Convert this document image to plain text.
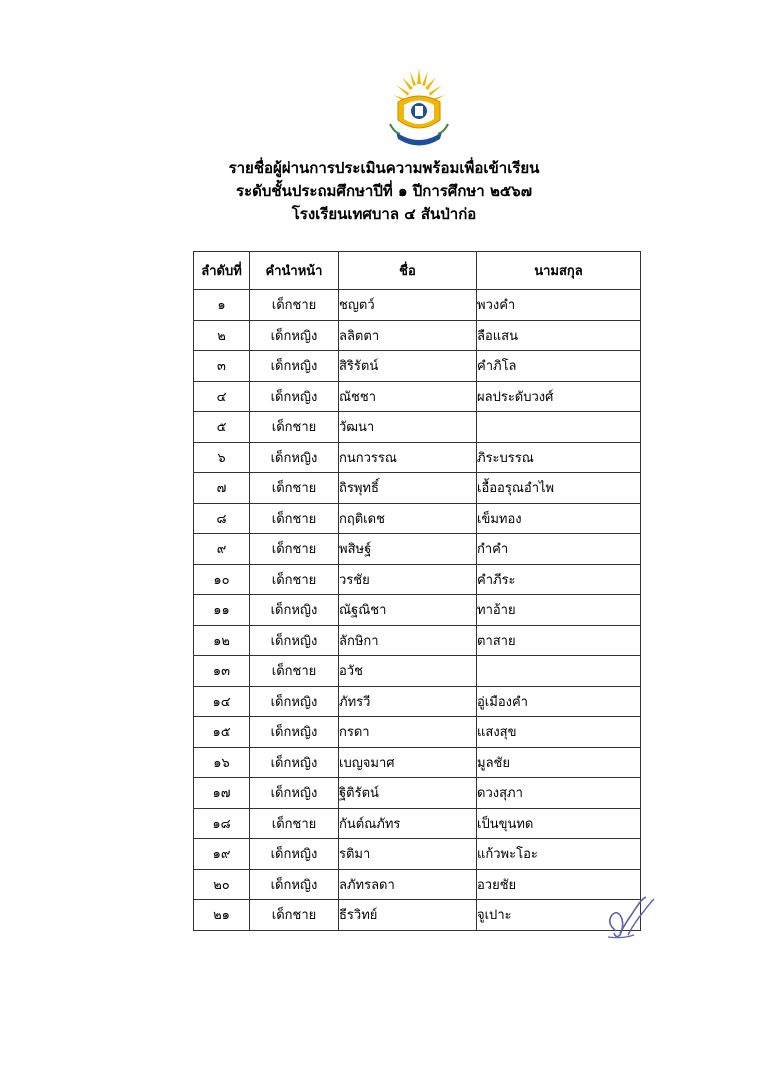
รายชื่อผู้ผ่านการประเมินความพร้อมเพื่อเข้าเรียน
ระดับชั้นประถมศึกษาปีที่ ๑ ปีการศึกษา ๒๕๖๗
โรงเรียนเทศบาล ๔ สันป่าก่อ
ลำดับที่	คำนำหน้า	ชื่อ	นามสกุล
๑	เด็กชาย	ชญตว์	พวงคำ
๒	เด็กหญิง	ลลิตตา	ลือแสน
๓	เด็กหญิง	สิริรัตน์	คำภิโล
๔	เด็กหญิง	ณัชชา	ผลประดับวงศ์
๕	เด็กชาย	วัฒนา	
๖	เด็กหญิง	กนกวรรณ	ภิระบรรณ
๗	เด็กชาย	ถิรพุทธิ์	เอื้ออรุณอำไพ
๘	เด็กชาย	กฤติเดช	เข็มทอง
๙	เด็กชาย	พสิษฐ์	กำคำ
๑๐	เด็กชาย	วรชัย	คำภีระ
๑๑	เด็กหญิง	ณัฐณิชา	ทาอ้าย
๑๒	เด็กหญิง	ลักษิกา	ตาสาย
๑๓	เด็กชาย	อวัช	
๑๔	เด็กหญิง	ภัทรวี	อู่เมืองคำ
๑๕	เด็กหญิง	กรดา	แสงสุข
๑๖	เด็กหญิง	เบญจมาศ	มูลชัย
๑๗	เด็กหญิง	ฐิติรัตน์	ดวงสุภา
๑๘	เด็กชาย	กันต์ณภัทร	เป็นขุนทด
๑๙	เด็กหญิง	รติมา	แก้วพะโอะ
๒๐	เด็กหญิง	ลภัทรลดา	อวยชัย
๒๑	เด็กชาย	ธีรวิทย์	จูเปาะ
